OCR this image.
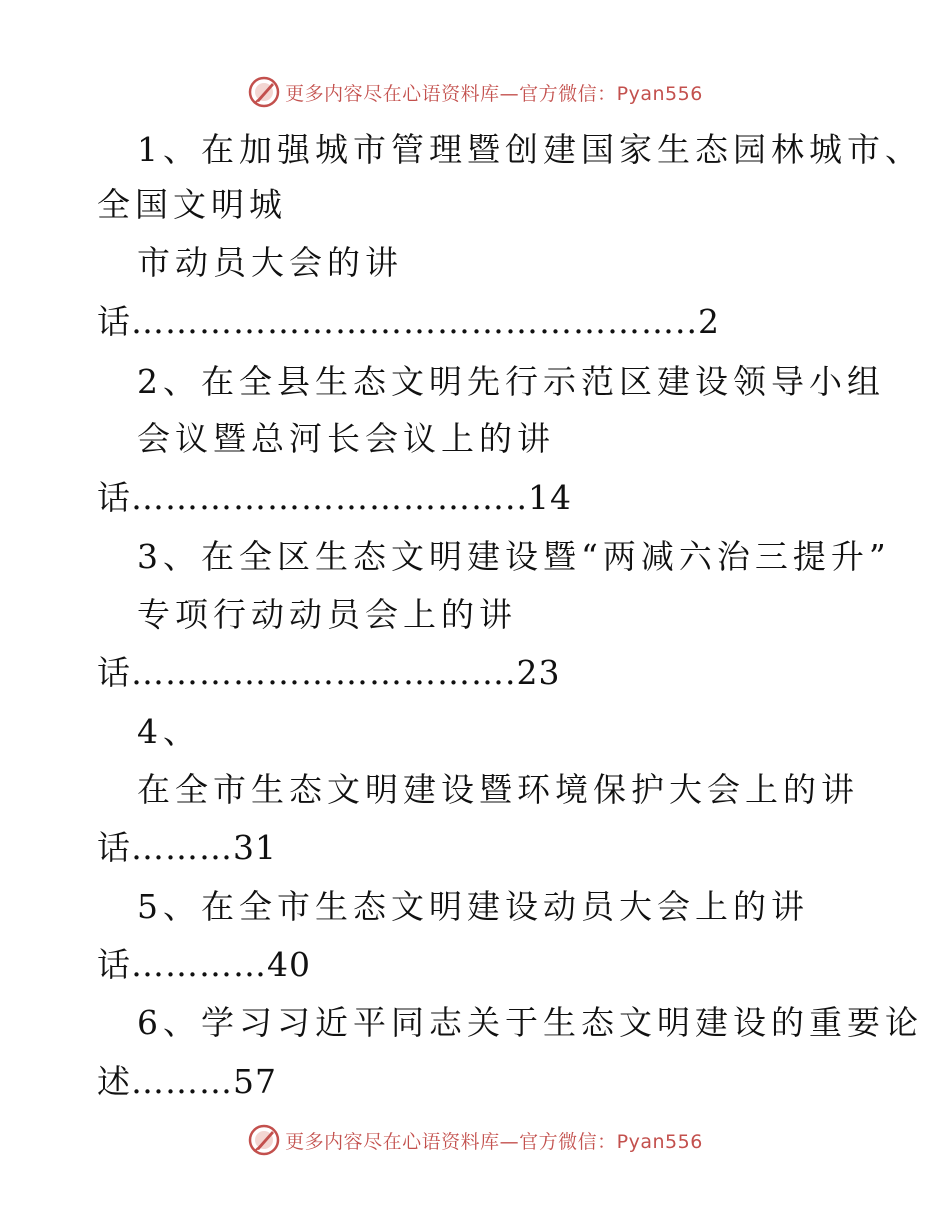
更多内容尽在心语资料库—官方微信：Pyan556
1、在加强城市管理暨创建国家生态园林城市、
全国文明城
市动员大会的讲
话…………………………………………..2
2、在全县生态文明先行示范区建设领导小组
会议暨总河长会议上的讲
话……………………………..14
3、在全区生态文明建设暨“两减六治三提升”
专项行动动员会上的讲
话…………………………….23
4、
在全市生态文明建设暨环境保护大会上的讲
话………31
5、在全市生态文明建设动员大会上的讲
话…………40
6、学习习近平同志关于生态文明建设的重要论
述………57
更多内容尽在心语资料库—官方微信：Pyan556
